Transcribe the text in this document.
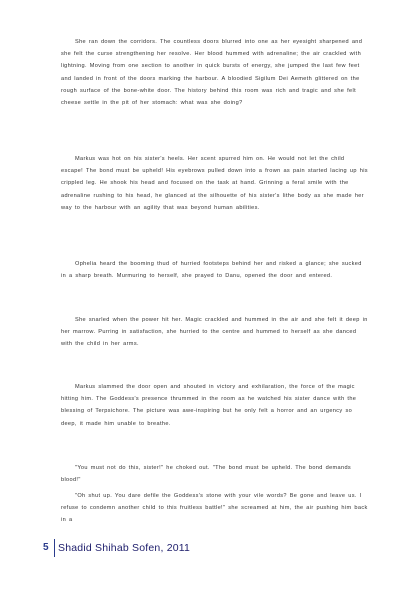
She ran down the corridors. The countless doors blurred into one as her eyesight sharpened and she felt the curse strengthening her resolve. Her blood hummed with adrenaline; the air crackled with lightning. Moving from one section to another in quick bursts of energy, she jumped the last few feet and landed in front of the doors marking the harbour. A bloodied Sigilum Dei Aemeth glittered on the rough surface of the bone-white door. The history behind this room was rich and tragic and she felt cheese settle in the pit of her stomach: what was she doing?

Markus was hot on his sister's heels. Her scent spurred him on. He would not let the child escape! The bond must be upheld! His eyebrows pulled down into a frown as pain started lacing up his crippled leg. He shook his head and focused on the task at hand. Grinning a feral smile with the adrenaline rushing to his head, he glanced at the silhouette of his sister's lithe body as she made her way to the harbour with an agility that was beyond human abilities.

Ophelia heard the booming thud of hurried footsteps behind her and risked a glance; she sucked in a sharp breath. Murmuring to herself, she prayed to Danu, opened the door and entered.

She snarled when the power hit her. Magic crackled and hummed in the air and she felt it deep in her marrow. Purring in satisfaction, she hurried to the centre and hummed to herself as she danced with the child in her arms.

Markus slammed the door open and shouted in victory and exhilaration, the force of the magic hitting him. The Goddess's presence thrummed in the room as he watched his sister dance with the blessing of Terpsichore. The picture was awe-inspiring but he only felt a horror and an urgency so deep, it made him unable to breathe.

"You must not do this, sister!" he choked out. "The bond must be upheld. The bond demands blood!"

"Oh shut up. You dare defile the Goddess's stone with your vile words? Be gone and leave us. I refuse to condemn another child to this fruitless battle!" she screamed at him, the air pushing him back in a

5 Shadid Shihab Sofen, 2011
